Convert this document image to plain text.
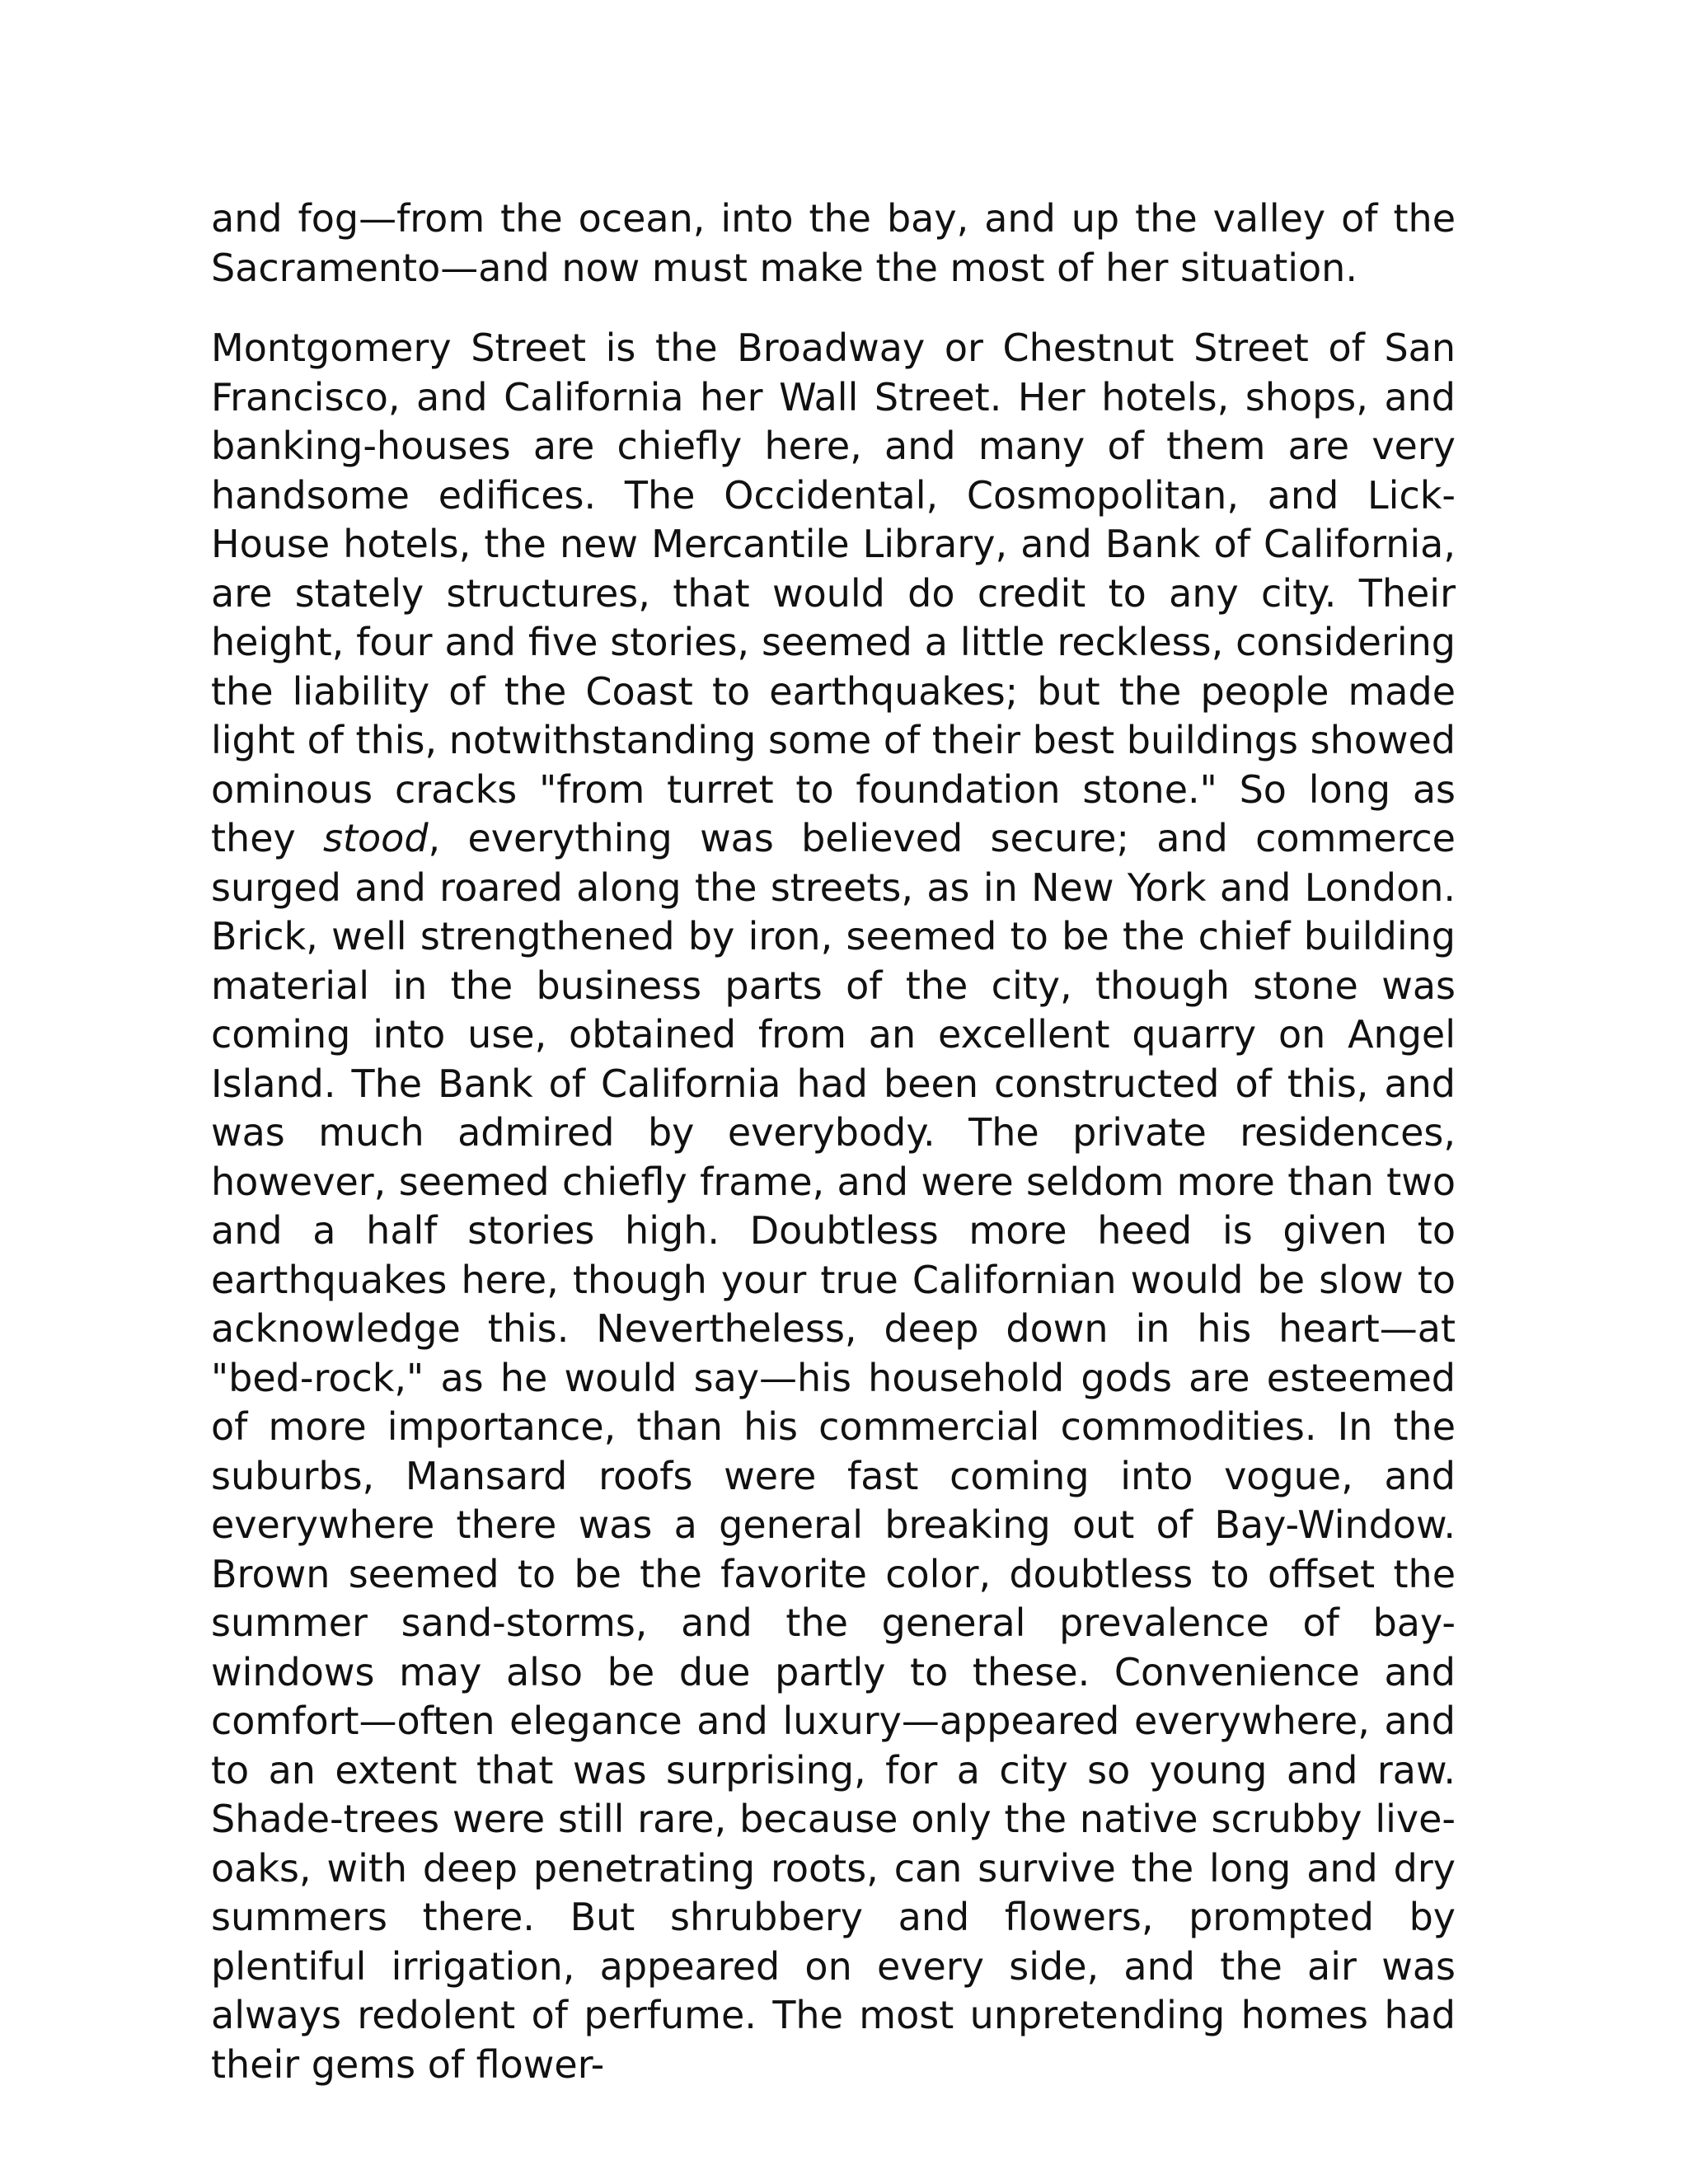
and fog—from the ocean, into the bay, and up the valley of the Sacramento—and now must make the most of her situation.

Montgomery Street is the Broadway or Chestnut Street of San Francisco, and California her Wall Street. Her hotels, shops, and banking-houses are chiefly here, and many of them are very handsome edifices. The Occidental, Cosmopolitan, and Lick-House hotels, the new Mercantile Library, and Bank of California, are stately structures, that would do credit to any city. Their height, four and five stories, seemed a little reckless, considering the liability of the Coast to earthquakes; but the people made light of this, notwithstanding some of their best buildings showed ominous cracks "from turret to foundation stone." So long as they stood, everything was believed secure; and commerce surged and roared along the streets, as in New York and London. Brick, well strengthened by iron, seemed to be the chief building material in the business parts of the city, though stone was coming into use, obtained from an excellent quarry on Angel Island. The Bank of California had been constructed of this, and was much admired by everybody. The private residences, however, seemed chiefly frame, and were seldom more than two and a half stories high. Doubtless more heed is given to earthquakes here, though your true Californian would be slow to acknowledge this. Nevertheless, deep down in his heart—at "bed-rock," as he would say—his household gods are esteemed of more importance, than his commercial commodities. In the suburbs, Mansard roofs were fast coming into vogue, and everywhere there was a general breaking out of Bay-Window. Brown seemed to be the favorite color, doubtless to offset the summer sand-storms, and the general prevalence of bay-windows may also be due partly to these. Convenience and comfort—often elegance and luxury—appeared everywhere, and to an extent that was surprising, for a city so young and raw. Shade-trees were still rare, because only the native scrubby live-oaks, with deep penetrating roots, can survive the long and dry summers there. But shrubbery and flowers, prompted by plentiful irrigation, appeared on every side, and the air was always redolent of perfume. The most unpretending homes had their gems of flower-
